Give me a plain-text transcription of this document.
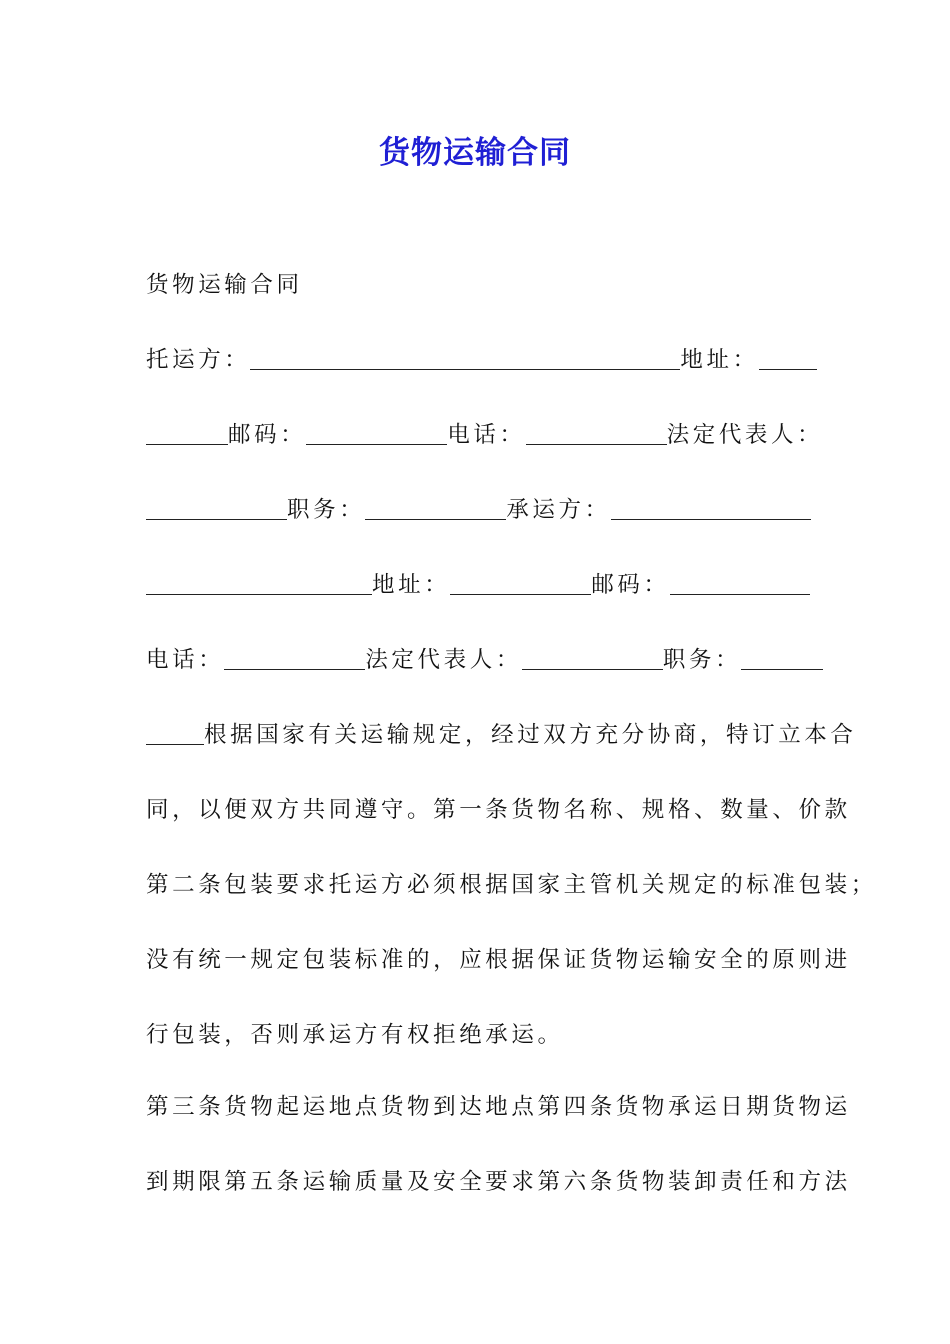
货物运输合同
货物运输合同
托运方：	地址：
邮码：	电话：	法定代表人：
职务：	承运方：
地址：	邮码：
电话：	法定代表人：	职务：
根据国家有关运输规定，经过双方充分协商，特订立本合
同，以便双方共同遵守。第一条货物名称、规格、数量、价款
第二条包装要求托运方必须根据国家主管机关规定的标准包装；
没有统一规定包装标准的，应根据保证货物运输安全的原则进
行包装，否则承运方有权拒绝承运。
第三条货物起运地点货物到达地点第四条货物承运日期货物运
到期限第五条运输质量及安全要求第六条货物装卸责任和方法
